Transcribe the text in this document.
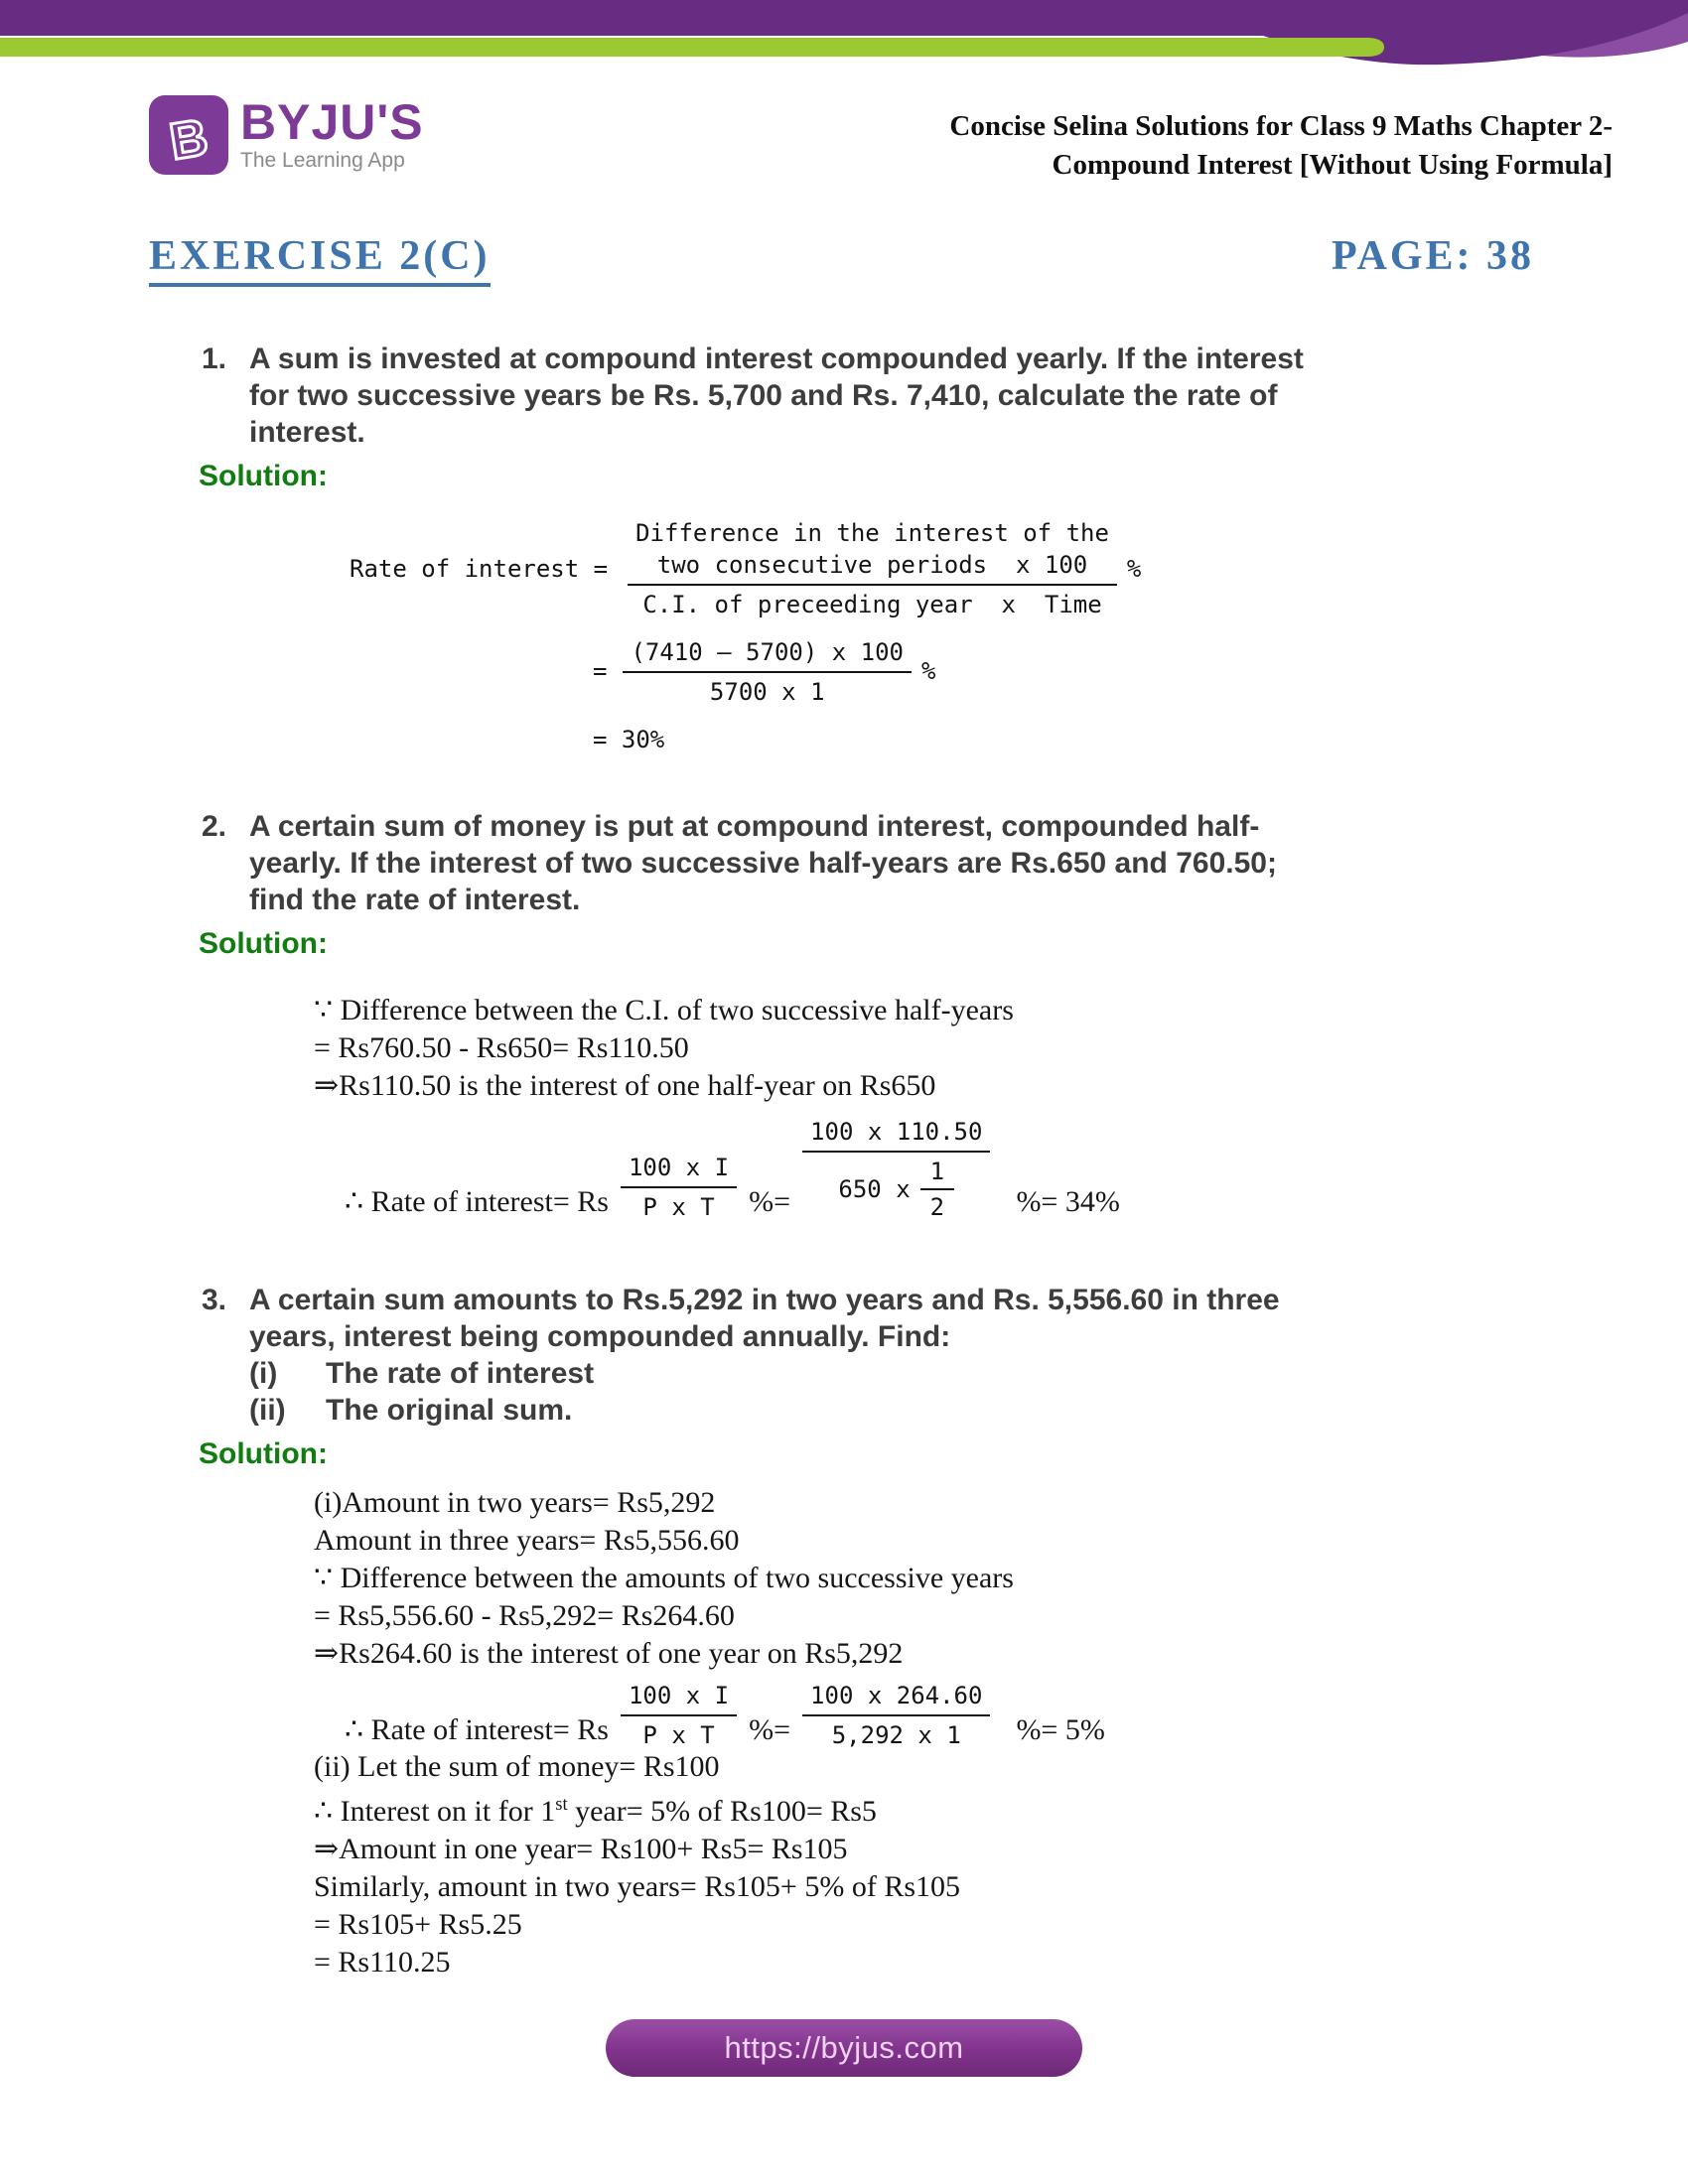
B BYJU'S
The Learning App
Concise Selina Solutions for Class 9 Maths Chapter 2-
Compound Interest [Without Using Formula]
EXERCISE 2(C)	PAGE: 38
1. A sum is invested at compound interest compounded yearly. If the interest
for two successive years be Rs. 5,700 and Rs. 7,410, calculate the rate of
interest.
Solution:
Rate of interest =
Difference in the interest of the
two consecutive periods  x 100
C.I. of preceeding year  x  Time
%
= $\frac{(7410 - 5700) x 100}{5700 x 1}$ %
= 30%
2. A certain sum of money is put at compound interest, compounded half-
yearly. If the interest of two successive half-years are Rs.650 and 760.50;
find the rate of interest.
Solution:
∵ Difference between the C.I. of two successive half-years
= Rs760.50 - Rs650= Rs110.50
⇒Rs110.50 is the interest of one half-year on Rs650
∴ Rate of interest= Rs $\frac{\text{100 x I}}{\text{P x T}}$ %= $\frac{100 x 110.50}{650 x \frac{1}{2}}$ %= 34%
3. A certain sum amounts to Rs.5,292 in two years and Rs. 5,556.60 in three
years, interest being compounded annually. Find:
(i)	The rate of interest
(ii)	The original sum.
Solution:
(i)Amount in two years= Rs5,292
Amount in three years= Rs5,556.60
∵ Difference between the amounts of two successive years
= Rs5,556.60 - Rs5,292= Rs264.60
⇒Rs264.60 is the interest of one year on Rs5,292
∴ Rate of interest= Rs $\frac{\text{100 x I}}{\text{P x T}}$ %= $\frac{100 x 264.60}{5,292 x 1}$ %= 5%
(ii) Let the sum of money= Rs100
∴ Interest on it for 1st year= 5% of Rs100= Rs5
⇒Amount in one year= Rs100+ Rs5= Rs105
Similarly, amount in two years= Rs105+ 5% of Rs105
= Rs105+ Rs5.25
= Rs110.25
https://byjus.com
